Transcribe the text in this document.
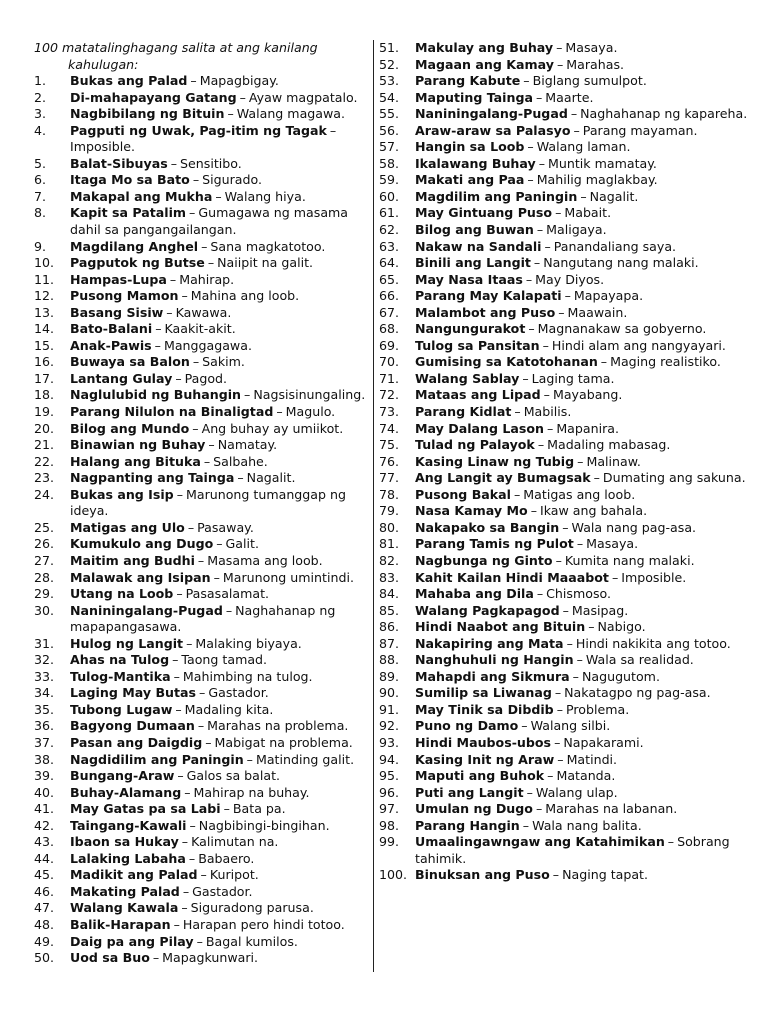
100 matatalinghagang salita at ang kanilang
kahulugan:

1.	Bukas ang Palad – Mapagbigay.
2.	Di-mahapayang Gatang – Ayaw magpatalo.
3.	Nagbibilang ng Bituin – Walang magawa.
4.	Pagputi ng Uwak, Pag-itim ng Tagak –Imposible.
5.	Balat-Sibuyas – Sensitibo.
6.	Itaga Mo sa Bato – Sigurado.
7.	Makapal ang Mukha – Walang hiya.
8.	Kapit sa Patalim – Gumagawa ng masama dahil sa pangangailangan.
9.	Magdilang Anghel – Sana magkatotoo.
10.	Pagputok ng Butse – Naiipit na galit.
11.	Hampas-Lupa – Mahirap.
12.	Pusong Mamon – Mahina ang loob.
13.	Basang Sisiw – Kawawa.
14.	Bato-Balani – Kaakit-akit.
15.	Anak-Pawis – Manggagawa.
16.	Buwaya sa Balon – Sakim.
17.	Lantang Gulay – Pagod.
18.	Naglulubid ng Buhangin – Nagsisinungaling.
19.	Parang Nilulon na Binaligtad – Magulo.
20.	Bilog ang Mundo – Ang buhay ay umiikot.
21.	Binawian ng Buhay – Namatay.
22.	Halang ang Bituka – Salbahe.
23.	Nagpanting ang Tainga – Nagalit.
24.	Bukas ang Isip – Marunong tumanggap ng ideya.
25.	Matigas ang Ulo – Pasaway.
26.	Kumukulo ang Dugo – Galit.
27.	Maitim ang Budhi – Masama ang loob.
28.	Malawak ang Isipan – Marunong umintindi.
29.	Utang na Loob – Pasasalamat.
30.	Naniningalang-Pugad – Naghahanap ng mapapangasawa.
31.	Hulog ng Langit – Malaking biyaya.
32.	Ahas na Tulog – Taong tamad.
33.	Tulog-Mantika – Mahimbing na tulog.
34.	Laging May Butas – Gastador.
35.	Tubong Lugaw – Madaling kita.
36.	Bagyong Dumaan – Marahas na problema.
37.	Pasan ang Daigdig – Mabigat na problema.
38.	Nagdidilim ang Paningin – Matinding galit.
39.	Bungang-Araw – Galos sa balat.
40.	Buhay-Alamang – Mahirap na buhay.
41.	May Gatas pa sa Labi – Bata pa.
42.	Taingang-Kawali – Nagbibingi-bingihan.
43.	Ibaon sa Hukay – Kalimutan na.
44.	Lalaking Labaha – Babaero.
45.	Madikit ang Palad – Kuripot.
46.	Makating Palad – Gastador.
47.	Walang Kawala – Siguradong parusa.
48.	Balik-Harapan – Harapan pero hindi totoo.
49.	Daig pa ang Pilay – Bagal kumilos.
50.	Uod sa Buo – Mapagkunwari.
51.	Makulay ang Buhay – Masaya.
52.	Magaan ang Kamay – Marahas.
53.	Parang Kabute – Biglang sumulpot.
54.	Maputing Tainga – Maarte.
55.	Naniningalang-Pugad – Naghahanap ng kapareha.
56.	Araw-araw sa Palasyo – Parang mayaman.
57.	Hangin sa Loob – Walang laman.
58.	Ikalawang Buhay – Muntik mamatay.
59.	Makati ang Paa – Mahilig maglakbay.
60.	Magdilim ang Paningin – Nagalit.
61.	May Gintuang Puso – Mabait.
62.	Bilog ang Buwan – Maligaya.
63.	Nakaw na Sandali – Panandaliang saya.
64.	Binili ang Langit – Nangutang nang malaki.
65.	May Nasa Itaas – May Diyos.
66.	Parang May Kalapati – Mapayapa.
67.	Malambot ang Puso – Maawain.
68.	Nangungurakot – Magnanakaw sa gobyerno.
69.	Tulog sa Pansitan – Hindi alam ang nangyayari.
70.	Gumising sa Katotohanan – Maging realistiko.
71.	Walang Sablay – Laging tama.
72.	Mataas ang Lipad – Mayabang.
73.	Parang Kidlat – Mabilis.
74.	May Dalang Lason – Mapanira.
75.	Tulad ng Palayok – Madaling mabasag.
76.	Kasing Linaw ng Tubig – Malinaw.
77.	Ang Langit ay Bumagsak – Dumating ang sakuna.
78.	Pusong Bakal – Matigas ang loob.
79.	Nasa Kamay Mo – Ikaw ang bahala.
80.	Nakapako sa Bangin – Wala nang pag-asa.
81.	Parang Tamis ng Pulot – Masaya.
82.	Nagbunga ng Ginto – Kumita nang malaki.
83.	Kahit Kailan Hindi Maaabot – Imposible.
84.	Mahaba ang Dila – Chismoso.
85.	Walang Pagkapagod – Masipag.
86.	Hindi Naabot ang Bituin – Nabigo.
87.	Nakapiring ang Mata – Hindi nakikita ang totoo.
88.	Nanghuhuli ng Hangin – Wala sa realidad.
89.	Mahapdi ang Sikmura – Nagugutom.
90.	Sumilip sa Liwanag – Nakatagpo ng pag-asa.
91.	May Tinik sa Dibdib – Problema.
92.	Puno ng Damo – Walang silbi.
93.	Hindi Maubos-ubos – Napakarami.
94.	Kasing Init ng Araw – Matindi.
95.	Maputi ang Buhok – Matanda.
96.	Puti ang Langit – Walang ulap.
97.	Umulan ng Dugo – Marahas na labanan.
98.	Parang Hangin – Wala nang balita.
99.	Umaalingawngaw ang Katahimikan – Sobrang tahimik.
100. Binuksan ang Puso – Naging tapat.
